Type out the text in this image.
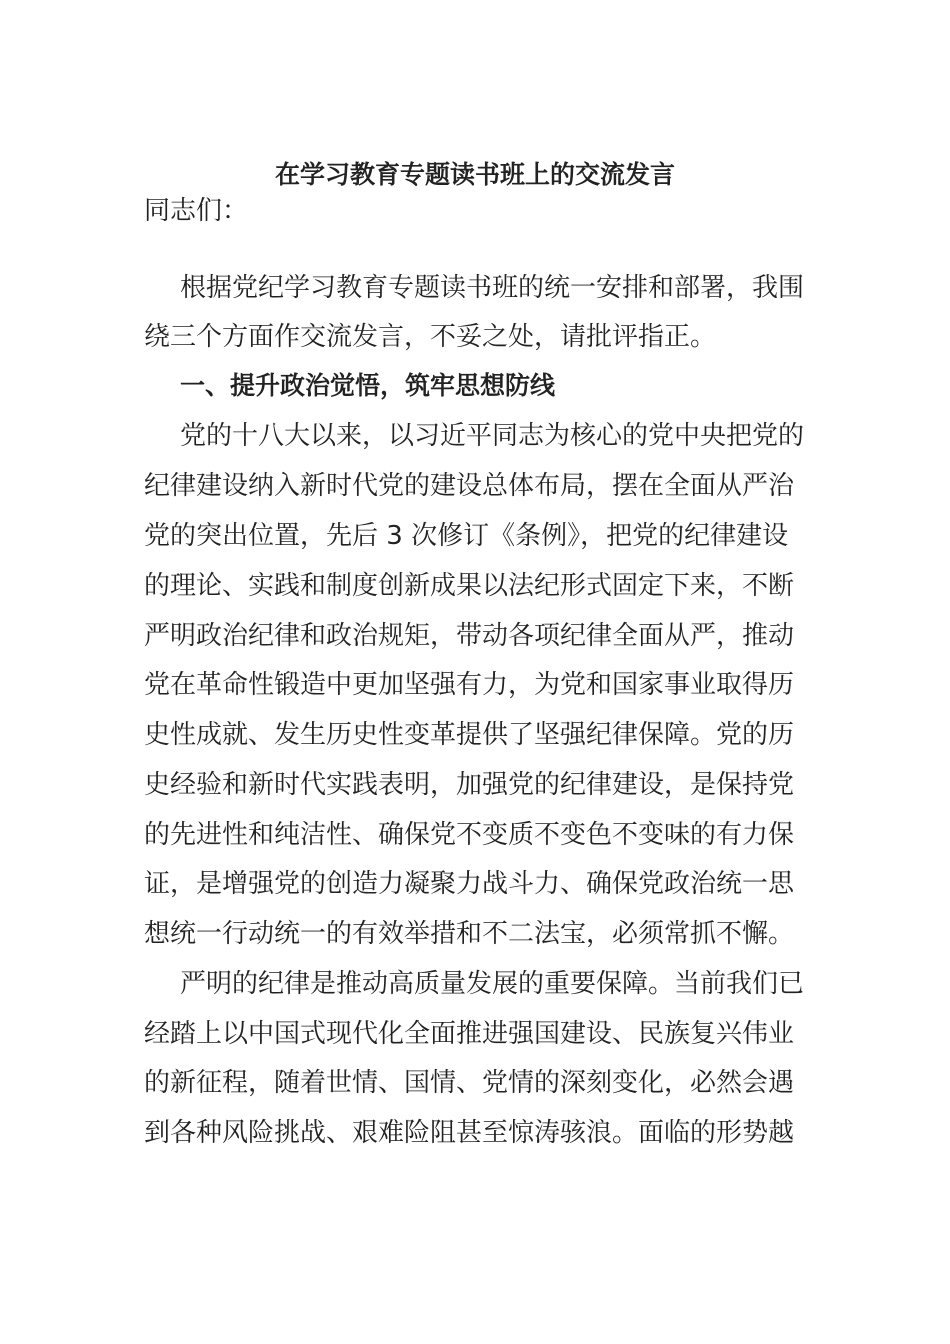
在学习教育专题读书班上的交流发言
同志们：
根据党纪学习教育专题读书班的统一安排和部署，我围
绕三个方面作交流发言，不妥之处，请批评指正。
一、提升政治觉悟，筑牢思想防线
党的十八大以来，以习近平同志为核心的党中央把党的
纪律建设纳入新时代党的建设总体布局，摆在全面从严治
党的突出位置，先后 3 次修订《条例》，把党的纪律建设
的理论、实践和制度创新成果以法纪形式固定下来，不断
严明政治纪律和政治规矩，带动各项纪律全面从严，推动
党在革命性锻造中更加坚强有力，为党和国家事业取得历
史性成就、发生历史性变革提供了坚强纪律保障。党的历
史经验和新时代实践表明，加强党的纪律建设，是保持党
的先进性和纯洁性、确保党不变质不变色不变味的有力保
证，是增强党的创造力凝聚力战斗力、确保党政治统一思
想统一行动统一的有效举措和不二法宝，必须常抓不懈。
严明的纪律是推动高质量发展的重要保障。当前我们已
经踏上以中国式现代化全面推进强国建设、民族复兴伟业
的新征程，随着世情、国情、党情的深刻变化，必然会遇
到各种风险挑战、艰难险阻甚至惊涛骇浪。面临的形势越
